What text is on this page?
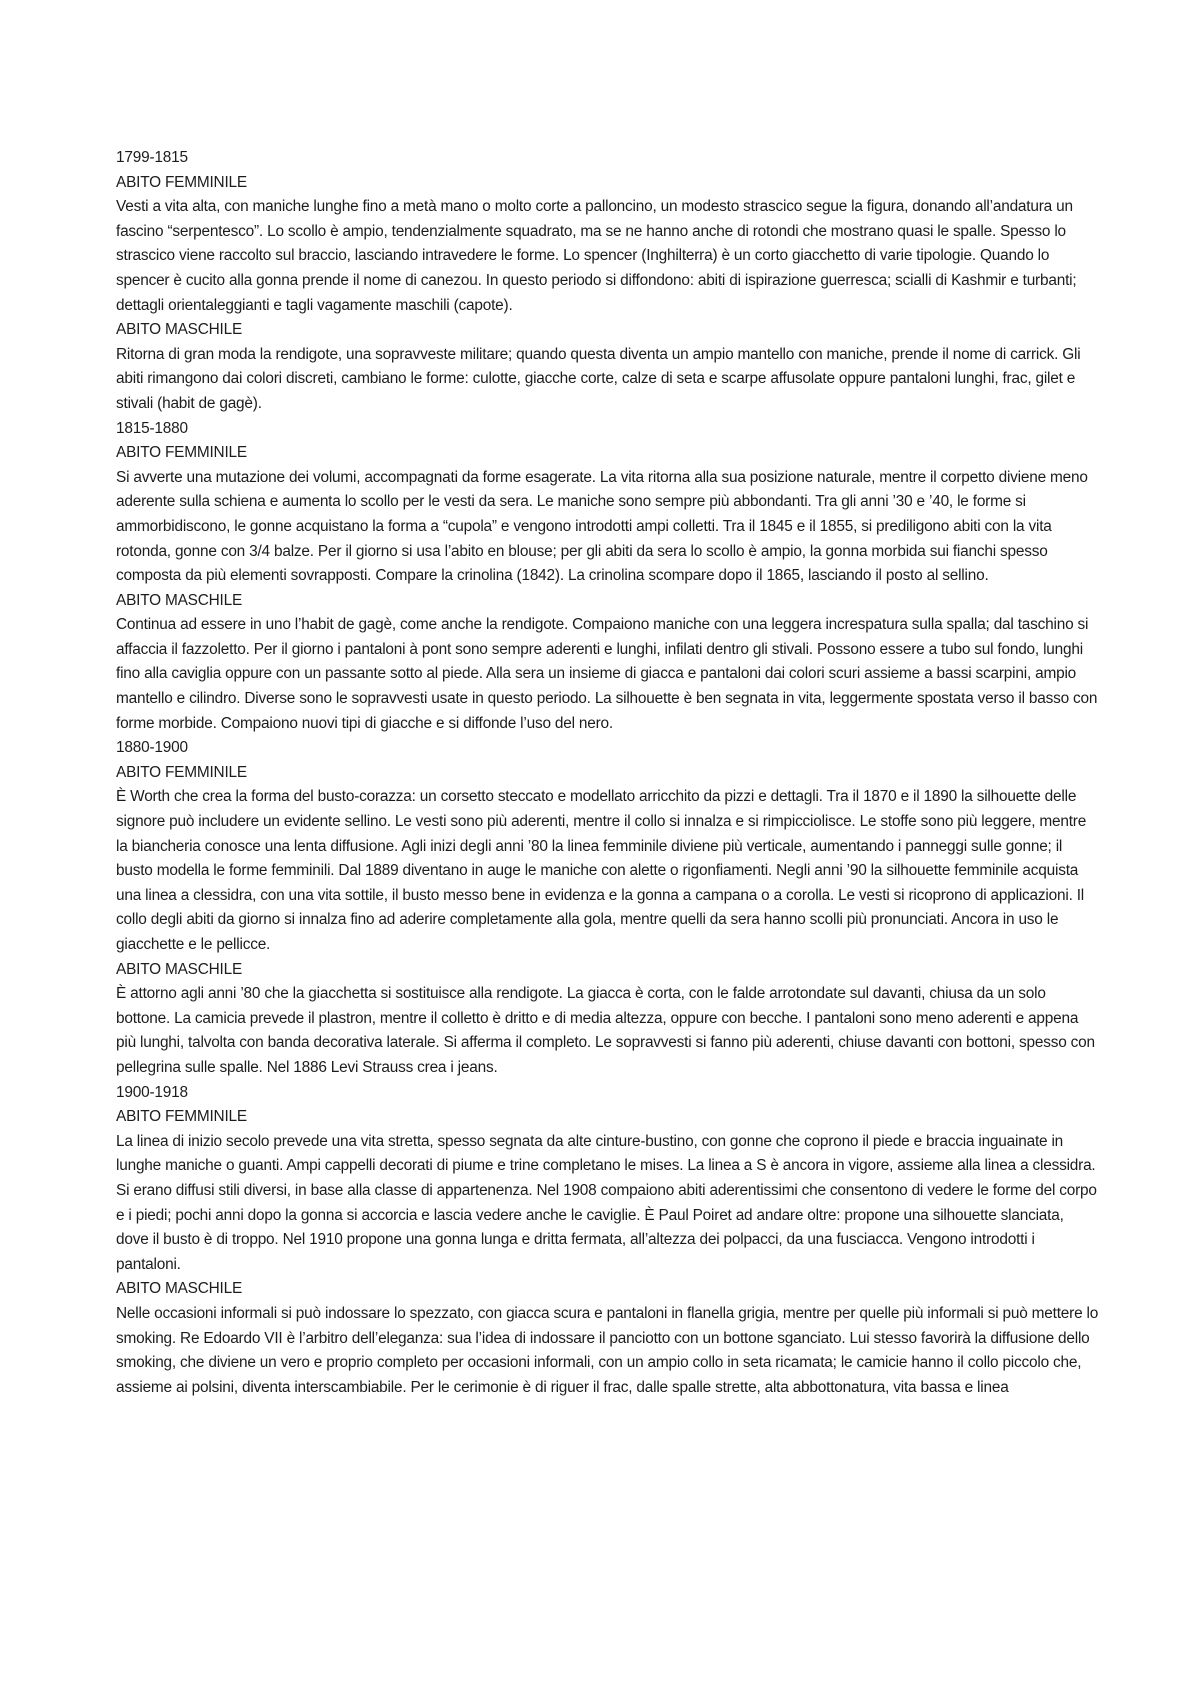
1799-1815
ABITO FEMMINILE
Vesti a vita alta, con maniche lunghe fino a metà mano o molto corte a palloncino, un modesto strascico segue la figura, donando all’andatura un fascino “serpentesco”. Lo scollo è ampio, tendenzialmente squadrato, ma se ne hanno anche di rotondi che mostrano quasi le spalle. Spesso lo strascico viene raccolto sul braccio, lasciando intravedere le forme. Lo spencer (Inghilterra) è un corto giacchetto di varie tipologie. Quando lo spencer è cucito alla gonna prende il nome di canezou. In questo periodo si diffondono: abiti di ispirazione guerresca; scialli di Kashmir e turbanti; dettagli orientaleggianti e tagli vagamente maschili (capote).
ABITO MASCHILE
Ritorna di gran moda la rendigote, una sopravveste militare; quando questa diventa un ampio mantello con maniche, prende il nome di carrick. Gli abiti rimangono dai colori discreti, cambiano le forme: culotte, giacche corte, calze di seta e scarpe affusolate oppure pantaloni lunghi, frac, gilet e stivali (habit de gagè).
1815-1880
ABITO FEMMINILE
Si avverte una mutazione dei volumi, accompagnati da forme esagerate. La vita ritorna alla sua posizione naturale, mentre il corpetto diviene meno aderente sulla schiena e aumenta lo scollo per le vesti da sera. Le maniche sono sempre più abbondanti. Tra gli anni ’30 e ’40, le forme si ammorbidiscono, le gonne acquistano la forma a “cupola” e vengono introdotti ampi colletti. Tra il 1845 e il 1855, si prediligono abiti con la vita rotonda, gonne con 3/4 balze. Per il giorno si usa l’abito en blouse; per gli abiti da sera lo scollo è ampio, la gonna morbida sui fianchi spesso composta da più elementi sovrapposti. Compare la crinolina (1842). La crinolina scompare dopo il 1865, lasciando il posto al sellino.
ABITO MASCHILE
Continua ad essere in uno l’habit de gagè, come anche la rendigote. Compaiono maniche con una leggera increspatura sulla spalla; dal taschino si affaccia il fazzoletto. Per il giorno i pantaloni à pont sono sempre aderenti e lunghi, infilati dentro gli stivali. Possono essere a tubo sul fondo, lunghi fino alla caviglia oppure con un passante sotto al piede. Alla sera un insieme di giacca e pantaloni dai colori scuri assieme a bassi scarpini, ampio mantello e cilindro. Diverse sono le sopravvesti usate in questo periodo. La silhouette è ben segnata in vita, leggermente spostata verso il basso con forme morbide. Compaiono nuovi tipi di giacche e si diffonde l’uso del nero.
1880-1900
ABITO FEMMINILE
È Worth che crea la forma del busto-corazza: un corsetto steccato e modellato arricchito da pizzi e dettagli. Tra il 1870 e il 1890 la silhouette delle signore può includere un evidente sellino. Le vesti sono più aderenti, mentre il collo si innalza e si rimpicciolisce. Le stoffe sono più leggere, mentre la biancheria conosce una lenta diffusione. Agli inizi degli anni ’80 la linea femminile diviene più verticale, aumentando i panneggi sulle gonne; il busto modella le forme femminili. Dal 1889 diventano in auge le maniche con alette o rigonfiamenti. Negli anni ’90 la silhouette femminile acquista una linea a clessidra, con una vita sottile, il busto messo bene in evidenza e la gonna a campana o a corolla. Le vesti si ricoprono di applicazioni. Il collo degli abiti da giorno si innalza fino ad aderire completamente alla gola, mentre quelli da sera hanno scolli più pronunciati. Ancora in uso le giacchette e le pellicce.
ABITO MASCHILE
È attorno agli anni ’80 che la giacchetta si sostituisce alla rendigote. La giacca è corta, con le falde arrotondate sul davanti, chiusa da un solo bottone. La camicia prevede il plastron, mentre il colletto è dritto e di media altezza, oppure con becche. I pantaloni sono meno aderenti e appena più lunghi, talvolta con banda decorativa laterale. Si afferma il completo. Le sopravvesti si fanno più aderenti, chiuse davanti con bottoni, spesso con pellegrina sulle spalle. Nel 1886 Levi Strauss crea i jeans.
1900-1918
ABITO FEMMINILE
La linea di inizio secolo prevede una vita stretta, spesso segnata da alte cinture-bustino, con gonne che coprono il piede e braccia inguainate in lunghe maniche o guanti. Ampi cappelli decorati di piume e trine completano le mises. La linea a S è ancora in vigore, assieme alla linea a clessidra. Si erano diffusi stili diversi, in base alla classe di appartenenza. Nel 1908 compaiono abiti aderentissimi che consentono di vedere le forme del corpo e i piedi; pochi anni dopo la gonna si accorcia e lascia vedere anche le caviglie. È Paul Poiret ad andare oltre: propone una silhouette slanciata, dove il busto è di troppo. Nel 1910 propone una gonna lunga e dritta fermata, all’altezza dei polpacci, da una fusciacca. Vengono introdotti i pantaloni.
ABITO MASCHILE
Nelle occasioni informali si può indossare lo spezzato, con giacca scura e pantaloni in flanella grigia, mentre per quelle più informali si può mettere lo smoking. Re Edoardo VII è l’arbitro dell’eleganza: sua l’idea di indossare il panciotto con un bottone sganciato. Lui stesso favorirà la diffusione dello smoking, che diviene un vero e proprio completo per occasioni informali, con un ampio collo in seta ricamata; le camicie hanno il collo piccolo che, assieme ai polsini, diventa interscambiabile. Per le cerimonie è di riguer il frac, dalle spalle strette, alta abbottonatura, vita bassa e linea
